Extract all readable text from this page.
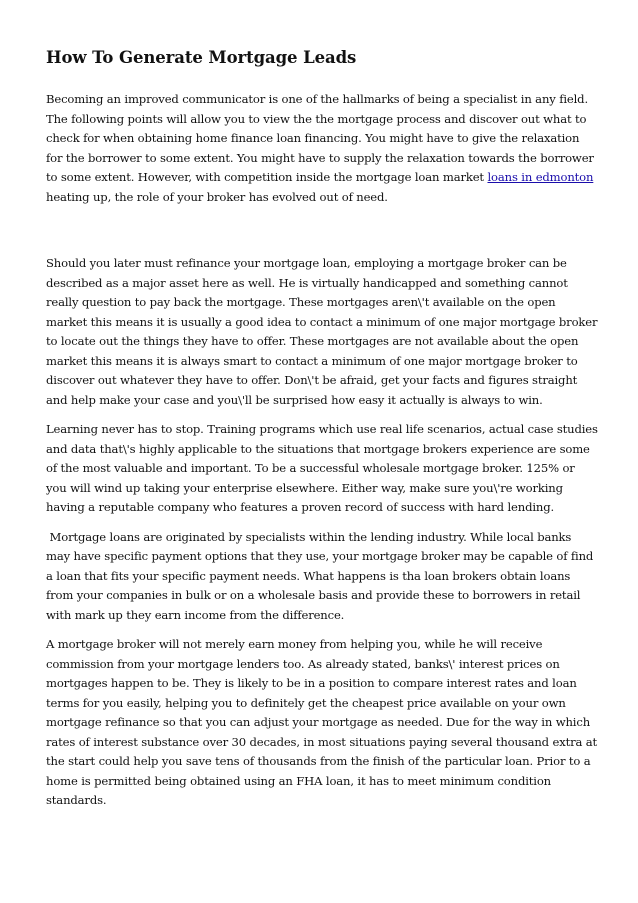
How To Generate Mortgage Leads

Becoming an improved communicator is one of the hallmarks of being a specialist in any field. The following points will allow you to view the the mortgage process and discover out what to check for when obtaining home finance loan financing. You might have to give the relaxation for the borrower to some extent. You might have to supply the relaxation towards the borrower to some extent. However, with competition inside the mortgage loan market loans in edmonton heating up, the role of your broker has evolved out of need.

Should you later must refinance your mortgage loan, employing a mortgage broker can be described as a major asset here as well. He is virtually handicapped and something cannot really question to pay back the mortgage. These mortgages aren\'t available on the open market this means it is usually a good idea to contact a minimum of one major mortgage broker to locate out the things they have to offer. These mortgages are not available about the open market this means it is always smart to contact a minimum of one major mortgage broker to discover out whatever they have to offer. Don\'t be afraid, get your facts and figures straight and help make your case and you\'ll be surprised how easy it actually is always to win.

Learning never has to stop. Training programs which use real life scenarios, actual case studies and data that\'s highly applicable to the situations that mortgage brokers experience are some of the most valuable and important. To be a successful wholesale mortgage broker. 125% or you will wind up taking your enterprise elsewhere. Either way, make sure you\'re working having a reputable company who features a proven record of success with hard lending.

Mortgage loans are originated by specialists within the lending industry. While local banks may have specific payment options that they use, your mortgage broker may be capable of find a loan that fits your specific payment needs. What happens is tha loan brokers obtain loans from your companies in bulk or on a wholesale basis and provide these to borrowers in retail with mark up they earn income from the difference.

A mortgage broker will not merely earn money from helping you, while he will receive commission from your mortgage lenders too. As already stated, banks\' interest prices on mortgages happen to be. They is likely to be in a position to compare interest rates and loan terms for you easily, helping you to definitely get the cheapest price available on your own mortgage refinance so that you can adjust your mortgage as needed. Due for the way in which rates of interest substance over 30 decades, in most situations paying several thousand extra at the start could help you save tens of thousands from the finish of the particular loan. Prior to a home is permitted being obtained using an FHA loan, it has to meet minimum condition standards.
